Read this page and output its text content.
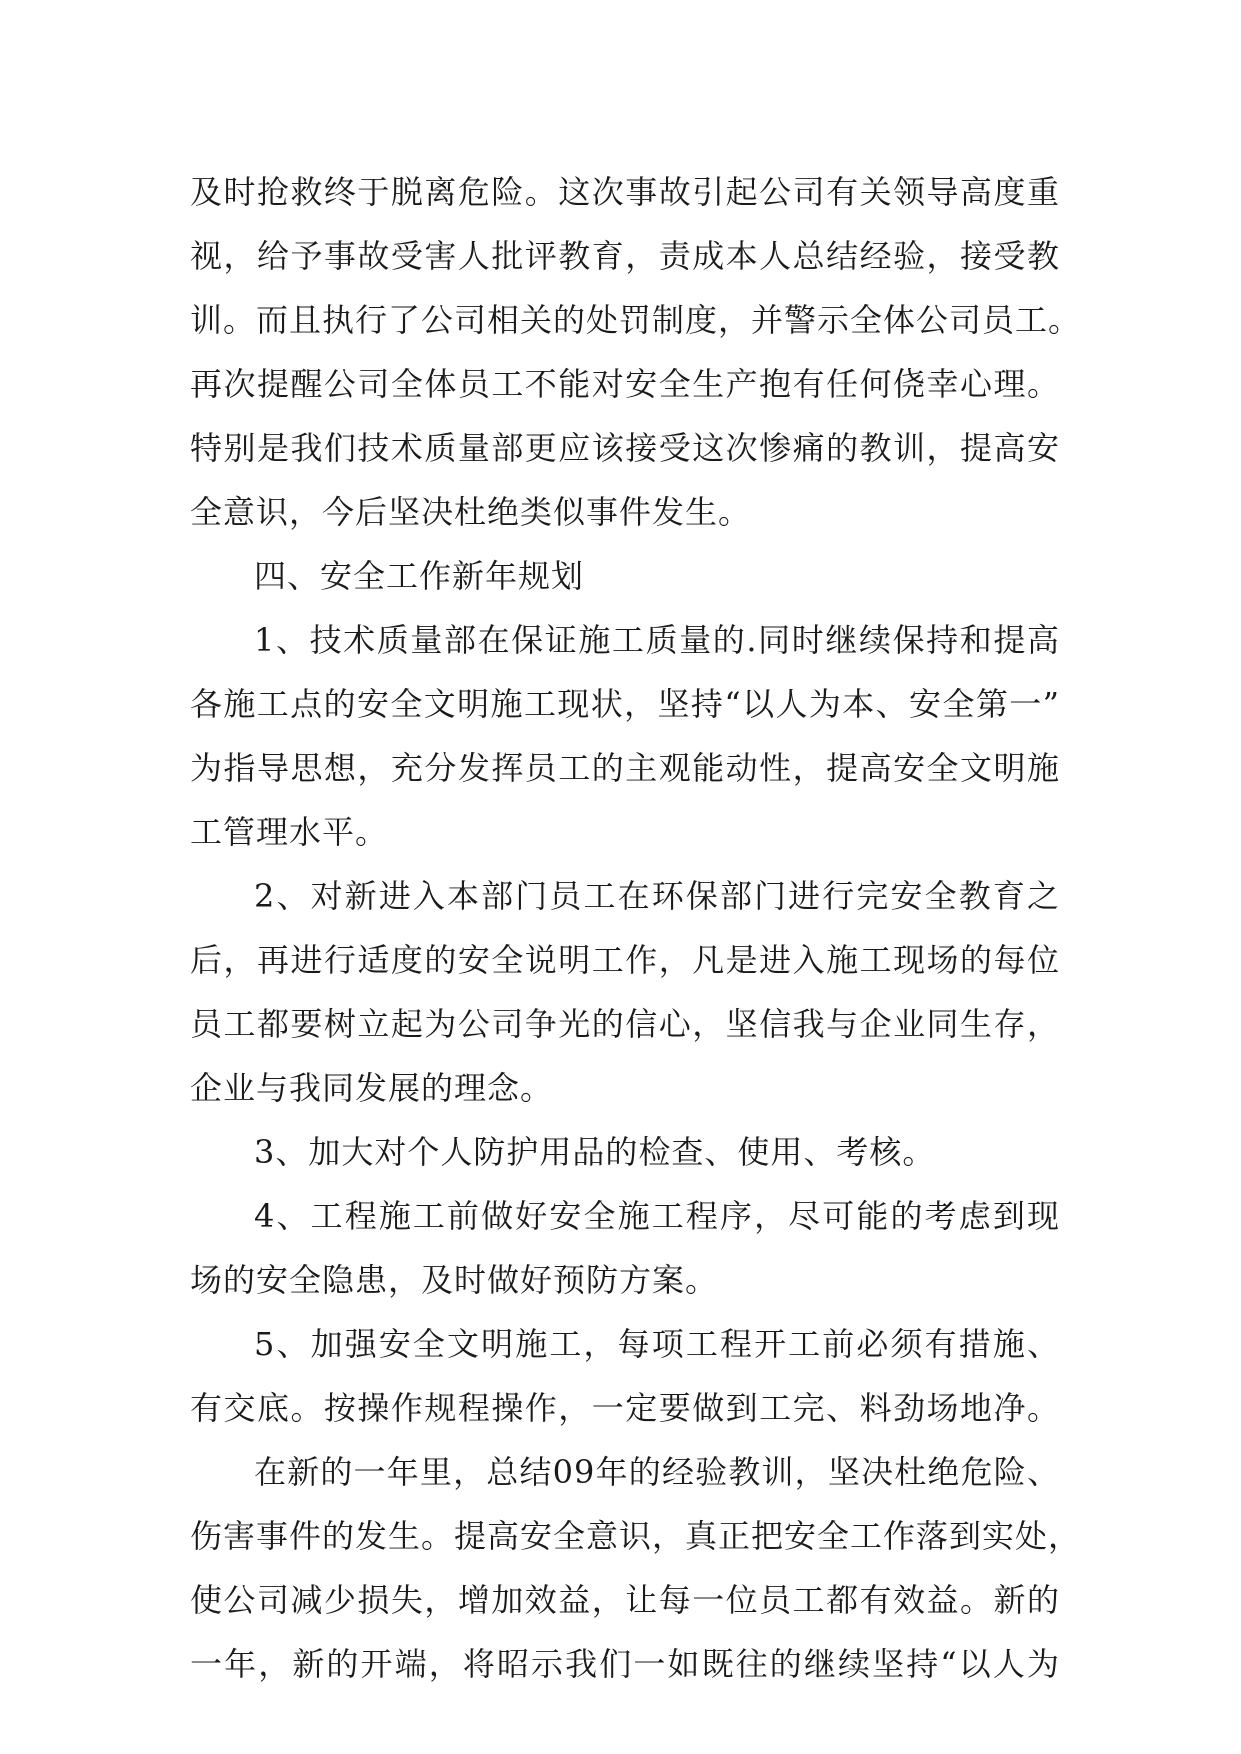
及时抢救终于脱离危险。这次事故引起公司有关领导高度重
视，给予事故受害人批评教育，责成本人总结经验，接受教
训。而且执行了公司相关的处罚制度，并警示全体公司员工。
再次提醒公司全体员工不能对安全生产抱有任何侥幸心理。
特别是我们技术质量部更应该接受这次惨痛的教训，提高安
全意识，今后坚决杜绝类似事件发生。
四、安全工作新年规划
1、技术质量部在保证施工质量的.同时继续保持和提高
各施工点的安全文明施工现状，坚持“以人为本、安全第一”
为指导思想，充分发挥员工的主观能动性，提高安全文明施
工管理水平。
2、对新进入本部门员工在环保部门进行完安全教育之
后，再进行适度的安全说明工作，凡是进入施工现场的每位
员工都要树立起为公司争光的信心，坚信我与企业同生存，
企业与我同发展的理念。
3、加大对个人防护用品的检查、使用、考核。
4、工程施工前做好安全施工程序，尽可能的考虑到现
场的安全隐患，及时做好预防方案。
5、加强安全文明施工，每项工程开工前必须有措施、
有交底。按操作规程操作，一定要做到工完、料劲场地净。
在新的一年里，总结09年的经验教训，坚决杜绝危险、
伤害事件的发生。提高安全意识，真正把安全工作落到实处，
使公司减少损失，增加效益，让每一位员工都有效益。新的
一年，新的开端，将昭示我们一如既往的继续坚持“以人为
